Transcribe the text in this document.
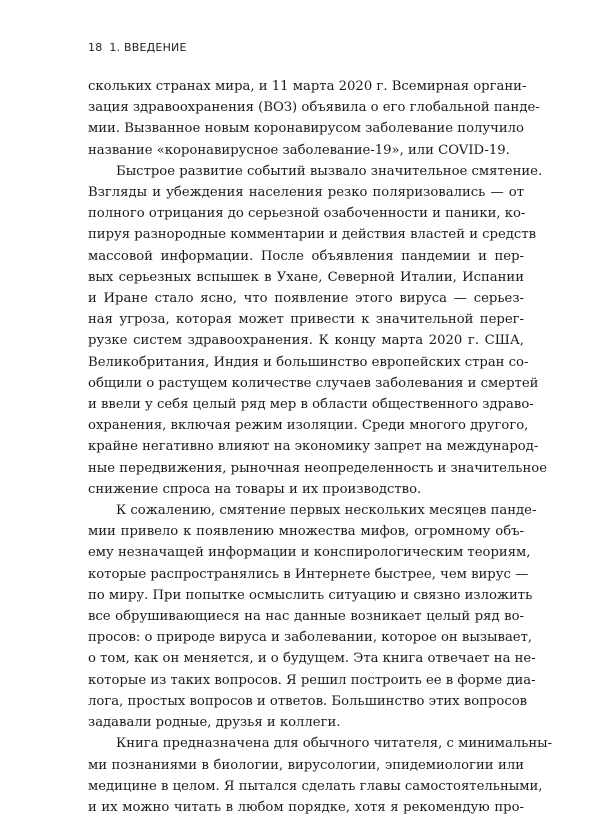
18 1. ВВЕДЕНИЕ

скольких странах мира, и 11 марта 2020 г. Всемирная органи-
зация здравоохранения (ВОЗ) объявила о его глобальной панде-
мии. Вызванное новым коронавирусом заболевание получило
название «коронавирусное заболевание-19», или COVID-19.

Быстрое развитие событий вызвало значительное смятение.
Взгляды и убеждения населения резко поляризовались — от
полного отрицания до серьезной озабоченности и паники, ко-
пируя разнородные комментарии и действия властей и средств
массовой информации. После объявления пандемии и пер-
вых серьезных вспышек в Ухане, Северной Италии, Испании
и Иране стало ясно, что появление этого вируса — серьез-
ная угроза, которая может привести к значительной перег-
рузке систем здравоохранения. К концу марта 2020 г. США,
Великобритания, Индия и большинство европейских стран со-
общили о растущем количестве случаев заболевания и смертей
и ввели у себя целый ряд мер в области общественного здраво-
охранения, включая режим изоляции. Среди многого другого,
крайне негативно влияют на экономику запрет на международ-
ные передвижения, рыночная неопределенность и значительное
снижение спроса на товары и их производство.

К сожалению, смятение первых нескольких месяцев панде-
мии привело к появлению множества мифов, огромному объ-
ему незначащей информации и конспирологическим теориям,
которые распространялись в Интернете быстрее, чем вирус —
по миру. При попытке осмыслить ситуацию и связно изложить
все обрушивающиеся на нас данные возникает целый ряд во-
просов: о природе вируса и заболевании, которое он вызывает,
о том, как он меняется, и о будущем. Эта книга отвечает на не-
которые из таких вопросов. Я решил построить ее в форме диа-
лога, простых вопросов и ответов. Большинство этих вопросов
задавали родные, друзья и коллеги.

Книга предназначена для обычного читателя, с минимальны-
ми познаниями в биологии, вирусологии, эпидемиологии или
медицине в целом. Я пытался сделать главы самостоятельными,
и их можно читать в любом порядке, хотя я рекомендую про-
